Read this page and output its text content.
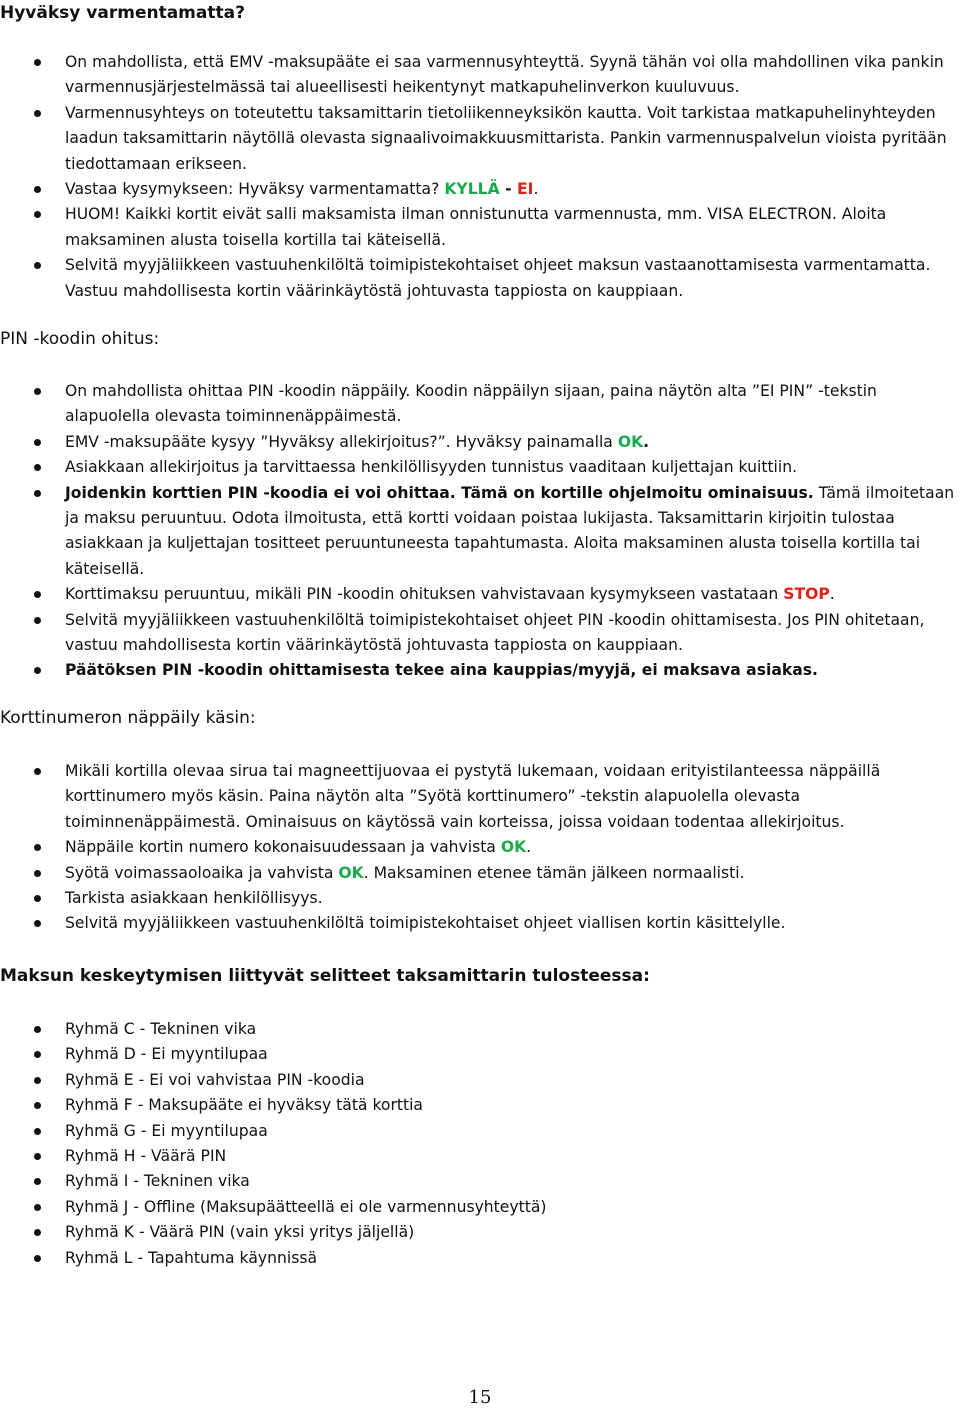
Hyväksy varmentamatta?
On mahdollista, että EMV -maksupääte ei saa varmennusyhteyttä. Syynä tähän voi olla mahdollinen vika pankin varmennusjärjestelmässä tai alueellisesti heikentynyt matkapuhelinverkon kuuluvuus.
Varmennusyhteys on toteutettu taksamittarin tietoliikenneyksikön kautta. Voit tarkistaa matkapuhelinyhteyden laadun taksamittarin näytöllä olevasta signaalivoimakkuusmittarista. Pankin varmennuspalvelun vioista pyritään tiedottamaan erikseen.
Vastaa kysymykseen: Hyväksy varmentamatta? KYLLÄ - EI.
HUOM! Kaikki kortit eivät salli maksamista ilman onnistunutta varmennusta, mm. VISA ELECTRON. Aloita maksaminen alusta toisella kortilla tai käteisellä.
Selvitä myyjäliikkeen vastuuhenkilöltä toimipistekohtaiset ohjeet maksun vastaanottamisesta varmentamatta. Vastuu mahdollisesta kortin väärinkäytöstä johtuvasta tappiosta on kauppiaan.
PIN -koodin ohitus:
On mahdollista ohittaa PIN -koodin näppäily. Koodin näppäilyn sijaan, paina näytön alta ”EI PIN” -tekstin alapuolella olevasta toiminnenäppäimestä.
EMV -maksupääte kysyy ”Hyväksy allekirjoitus?”. Hyväksy painamalla OK.
Asiakkaan allekirjoitus ja tarvittaessa henkilöllisyyden tunnistus vaaditaan kuljettajan kuittiin.
Joidenkin korttien PIN -koodia ei voi ohittaa. Tämä on kortille ohjelmoitu ominaisuus. Tämä ilmoitetaan ja maksu peruuntuu. Odota ilmoitusta, että kortti voidaan poistaa lukijasta. Taksamittarin kirjoitin tulostaa asiakkaan ja kuljettajan tositteet peruuntuneesta tapahtumasta. Aloita maksaminen alusta toisella kortilla tai käteisellä.
Korttimaksu peruuntuu, mikäli PIN -koodin ohituksen vahvistavaan kysymykseen vastataan STOP.
Selvitä myyjäliikkeen vastuuhenkilöltä toimipistekohtaiset ohjeet PIN -koodin ohittamisesta. Jos PIN ohitetaan, vastuu mahdollisesta kortin väärinkäytöstä johtuvasta tappiosta on kauppiaan.
Päätöksen PIN -koodin ohittamisesta tekee aina kauppias/myyjä, ei maksava asiakas.
Korttinumeron näppäily käsin:
Mikäli kortilla olevaa sirua tai magneettijuovaa ei pystytä lukemaan, voidaan erityistilanteessa näppäillä korttinumero myös käsin. Paina näytön alta ”Syötä korttinumero” -tekstin alapuolella olevasta toiminnenäppäimestä. Ominaisuus on käytössä vain korteissa, joissa voidaan todentaa allekirjoitus.
Näppäile kortin numero kokonaisuudessaan ja vahvista OK.
Syötä voimassaoloaika ja vahvista OK. Maksaminen etenee tämän jälkeen normaalisti.
Tarkista asiakkaan henkilöllisyys.
Selvitä myyjäliikkeen vastuuhenkilöltä toimipistekohtaiset ohjeet viallisen kortin käsittelylle.
Maksun keskeytymisen liittyvät selitteet taksamittarin tulosteessa:
Ryhmä C - Tekninen vika
Ryhmä D - Ei myyntilupaa
Ryhmä E - Ei voi vahvistaa PIN -koodia
Ryhmä F - Maksupääte ei hyväksy tätä korttia
Ryhmä G - Ei myyntilupaa
Ryhmä H - Väärä PIN
Ryhmä I - Tekninen vika
Ryhmä J - Offline (Maksupäätteellä ei ole varmennusyhteyttä)
Ryhmä K - Väärä PIN (vain yksi yritys jäljellä)
Ryhmä L - Tapahtuma käynnissä
15
